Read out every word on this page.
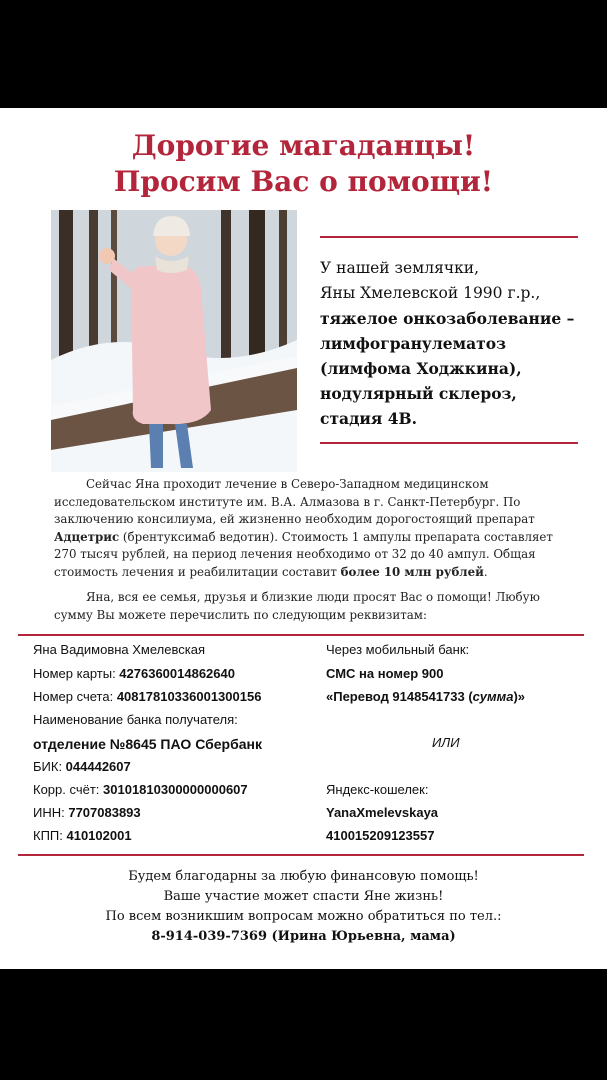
Дорогие магаданцы!
Просим Вас о помощи!
У нашей землячки,
Яны Хмелевской 1990 г.р.,
тяжелое онкозаболевание –
лимфогранулематоз
(лимфома Ходжкина),
нодулярный склероз,
стадия 4В.
Сейчас Яна проходит лечение в Северо-Западном медицинском исследовательском институте им. В.А. Алмазова в г. Санкт-Петербург. По заключению консилиума, ей жизненно необходим дорогостоящий препарат Адцетрис (брентуксимаб ведотин). Стоимость 1 ампулы препарата составляет 270 тысяч рублей, на период лечения необходимо от 32 до 40 ампул. Общая стоимость лечения и реабилитации составит более 10 млн рублей.
Яна, вся ее семья, друзья и близкие люди просят Вас о помощи! Любую сумму Вы можете перечислить по следующим реквизитам:
Яна Вадимовна Хмелевская
Номер карты: 4276360014862640
Номер счета: 40817810336001300156
Наименование банка получателя:
отделение №8645 ПАО Сбербанк
БИК: 044442607
Корр. счёт: 30101810300000000607
ИНН: 7707083893
КПП: 410102001
Через мобильный банк:
СМС на номер 900
«Перевод 9148541733 (сумма)»
ИЛИ
Яндекс-кошелек:
YanaXmelevskaya
410015209123557
Будем благодарны за любую финансовую помощь!
Ваше участие может спасти Яне жизнь!
По всем возникшим вопросам можно обратиться по тел.:
8-914-039-7369 (Ирина Юрьевна, мама)
